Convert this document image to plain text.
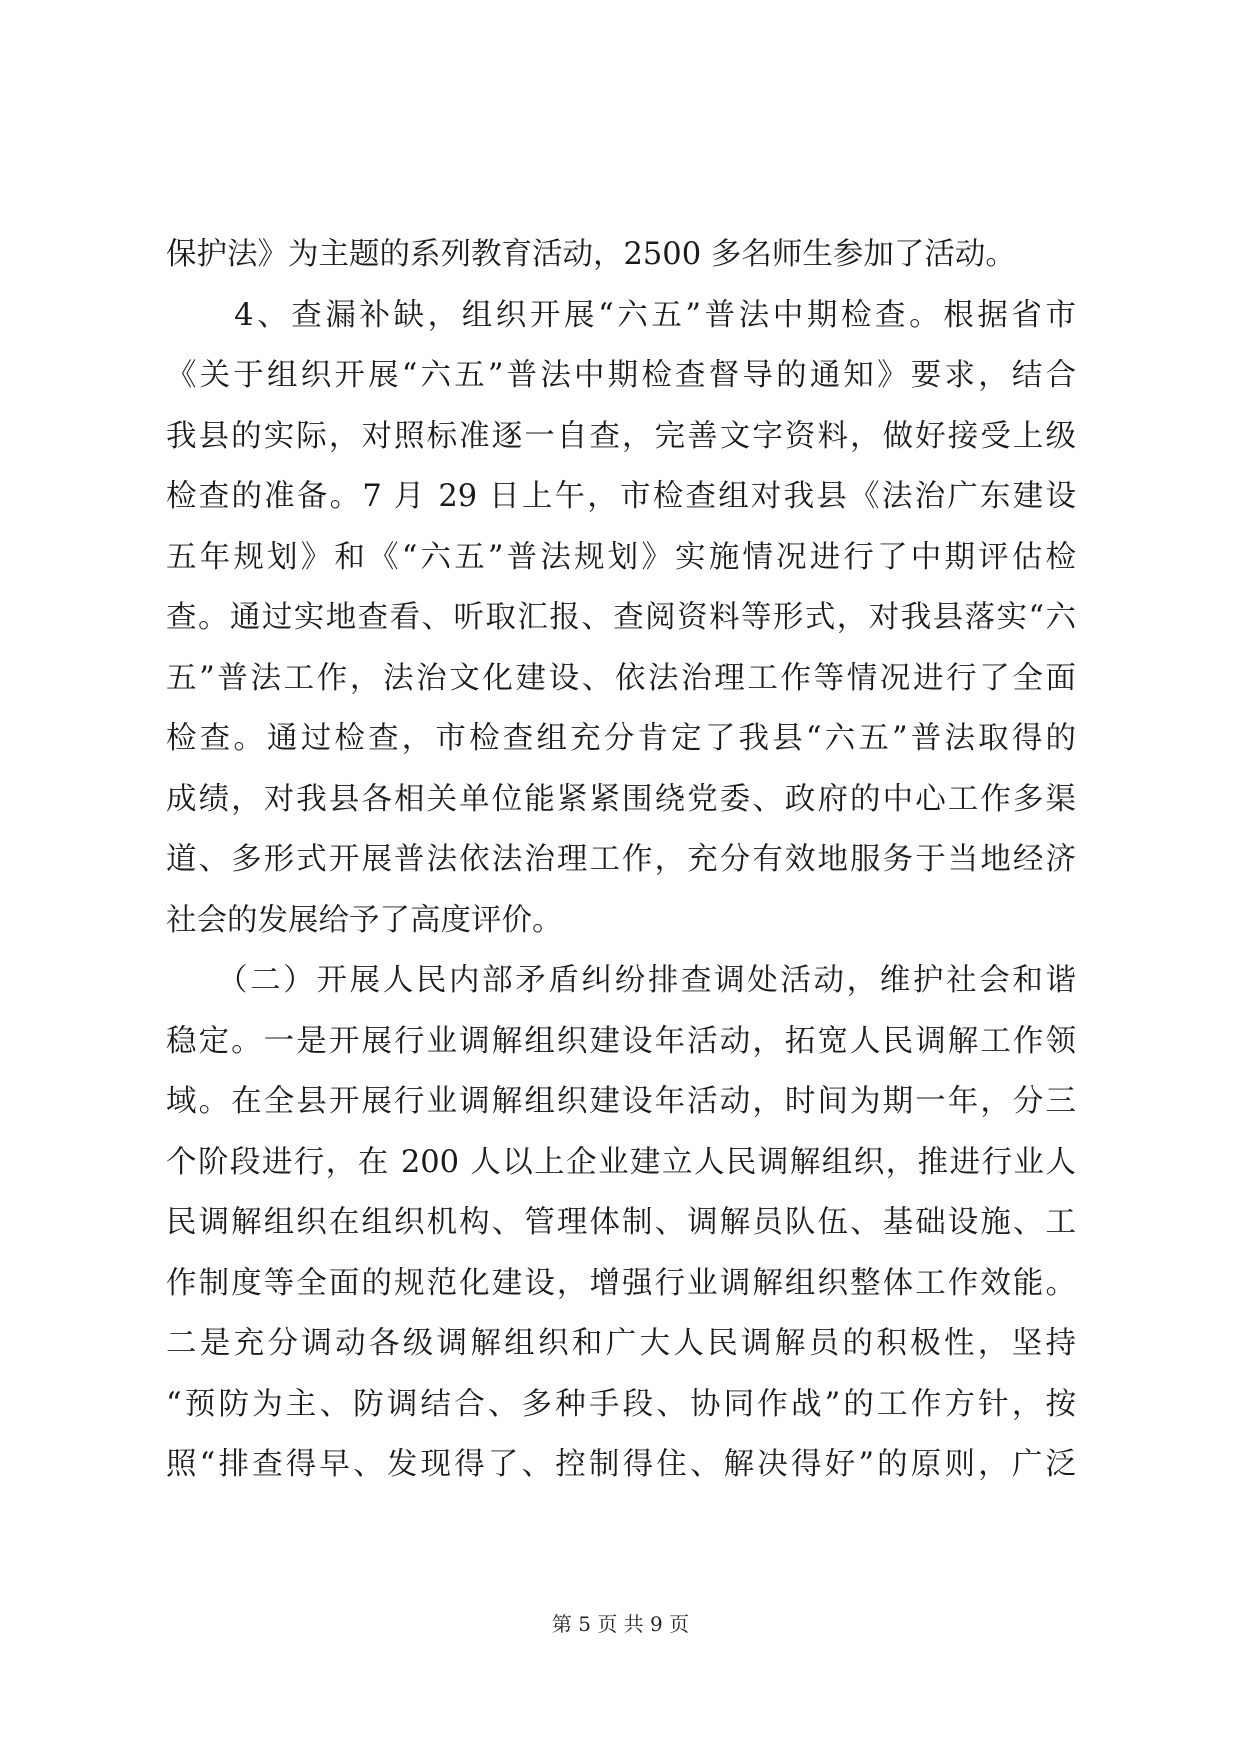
保护法》为主题的系列教育活动，2500 多名师生参加了活动。
　　4、查漏补缺，组织开展“六五”普法中期检查。根据省市
《关于组织开展“六五”普法中期检查督导的通知》要求，结合
我县的实际，对照标准逐一自查，完善文字资料，做好接受上级
检查的准备。7 月 29 日上午，市检查组对我县《法治广东建设
五年规划》和《“六五”普法规划》实施情况进行了中期评估检
查。通过实地查看、听取汇报、查阅资料等形式，对我县落实“六
五”普法工作，法治文化建设、依法治理工作等情况进行了全面
检查。通过检查，市检查组充分肯定了我县“六五”普法取得的
成绩，对我县各相关单位能紧紧围绕党委、政府的中心工作多渠
道、多形式开展普法依法治理工作，充分有效地服务于当地经济
社会的发展给予了高度评价。
　　（二）开展人民内部矛盾纠纷排查调处活动，维护社会和谐
稳定。一是开展行业调解组织建设年活动，拓宽人民调解工作领
域。在全县开展行业调解组织建设年活动，时间为期一年，分三
个阶段进行，在 200 人以上企业建立人民调解组织，推进行业人
民调解组织在组织机构、管理体制、调解员队伍、基础设施、工
作制度等全面的规范化建设，增强行业调解组织整体工作效能。
二是充分调动各级调解组织和广大人民调解员的积极性，坚持
“预防为主、防调结合、多种手段、协同作战”的工作方针，按
照“排查得早、发现得了、控制得住、解决得好”的原则，广泛
第 5 页 共 9 页
